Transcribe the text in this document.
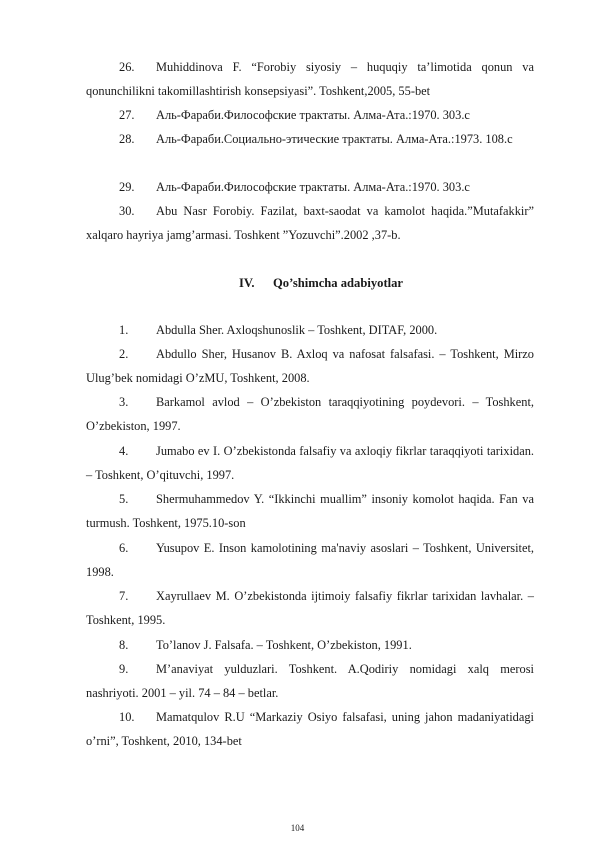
26.	Muhiddinova F. “Forobiy siyosiy – huquqiy ta’limotida qonun va qonunchilikni takomillashtirish konsepsiyasi”. Toshkent,2005, 55-bet
27.	Аль-Фараби.Философские трактаты. Алма-Ата.:1970. 303.с
28.	Аль-Фараби.Социально-этические трактаты. Алма-Ата.:1973. 108.с
29.	Аль-Фараби.Философские трактаты. Алма-Ата.:1970. 303.с
30.	Abu Nasr Forobiy. Fazilat, baxt-saodat va kamolot haqida.”Mutafakkir” xalqaro hayriya jamg’armasi. Toshkent ”Yozuvchi”.2002 ,37-b.
IV. Qo’shimcha adabiyotlar
1.	Abdulla Sher. Axloqshunoslik – Toshkent, DITAF, 2000.
2.	Abdullo Sher, Husanov B. Axloq va nafosat falsafasi. – Toshkent, Mirzo Ulug’bek nomidagi O’zMU, Toshkent, 2008.
3.	Barkamol avlod – O’zbekiston taraqqiyotining poydevori. – Toshkent, O’zbekiston, 1997.
4.	Jumabo ev I. O’zbekistonda falsafiy va axloqiy fikrlar taraqqiyoti tarixidan. – Toshkent, O’qituvchi, 1997.
5.	Shermuhammedov Y. “Ikkinchi muallim” insoniy komolot haqida. Fan va turmush. Toshkent, 1975.10-son
6.	Yusupov E. Inson kamolotining ma'naviy asoslari – Toshkent, Universitet, 1998.
7.	Xayrullaev M. O’zbekistonda ijtimoiy falsafiy fikrlar tarixidan lavhalar. – Toshkent, 1995.
8.	To’lanov J. Falsafa. – Toshkent, O’zbekiston, 1991.
9.	M’anaviyat yulduzlari. Toshkent. A.Qodiriy nomidagi xalq merosi nashriyoti. 2001 – yil. 74 – 84 – betlar.
10.	Mamatqulov R.U “Markaziy Osiyo falsafasi, uning jahon madaniyatidagi o’rni”, Toshkent, 2010, 134-bet
104
